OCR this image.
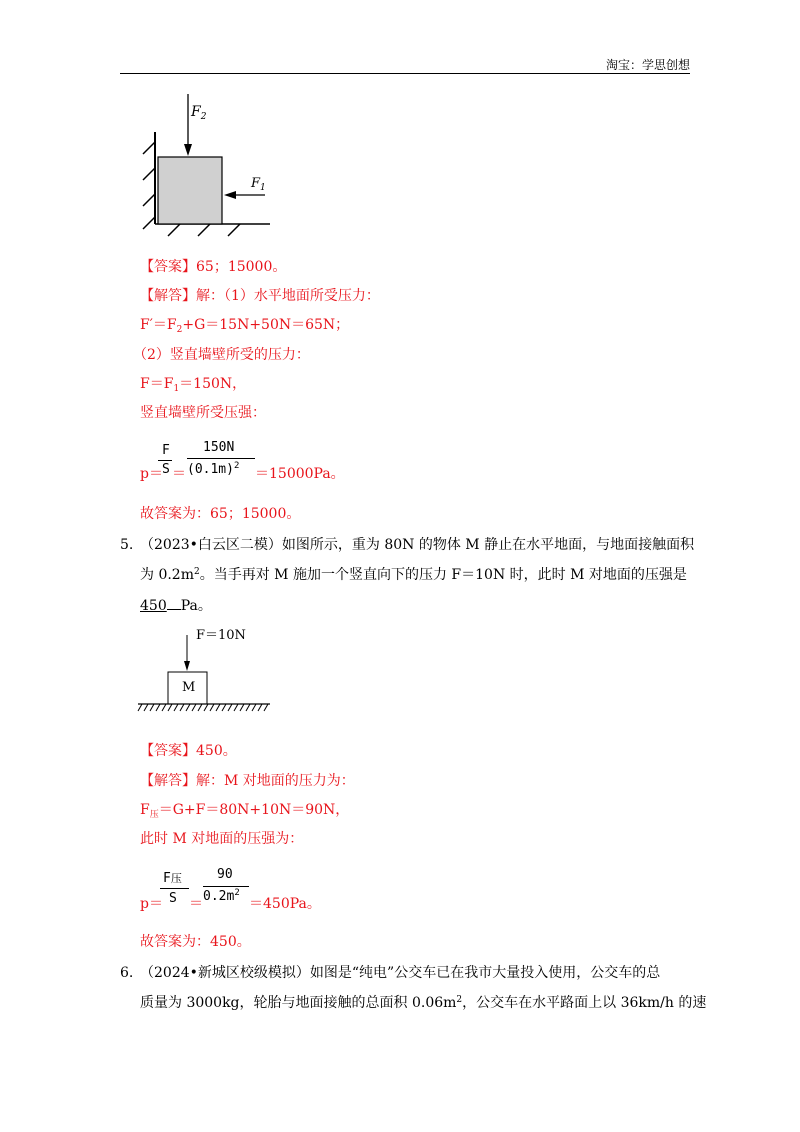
淘宝：学思创想
$F_2$
$F_1$
【答案】65；15000。
【解答】解：（1）水平地面所受压力：
$F'=F_2+G=15N+50N=65N$；
（2）竖直墙壁所受的压力：
$F=F_1=150N$，
竖直墙壁所受压强：
p＝
F
S ＝
150N
$(0.1m)^2 =15000Pa$。
故答案为：65；15000。
5. （2023•白云区二模）如图所示，重为 80N 的物体 M 静止在水平地面，与地面接触面积
为 $0.2m^2$。当手再对 M 施加一个竖直向下的压力 F＝10N 时，此时 M 对地面的压强是
450 Pa。
F＝10N
M
【答案】450。
【解答】解：M 对地面的压力为：
$F_压=G+F=80N+10N=90N$，
此时 M 对地面的压强为：
p＝
F压
S ＝
90
$0.2m^2$
＝450Pa。
故答案为：450。
6. （2024•新城区校级模拟）如图是“纯电”公交车已在我市大量投入使用，公交车的总
质量为 3000kg，轮胎与地面接触的总面积 $0.06m^2$，公交车在水平路面上以 36km/h 的速
